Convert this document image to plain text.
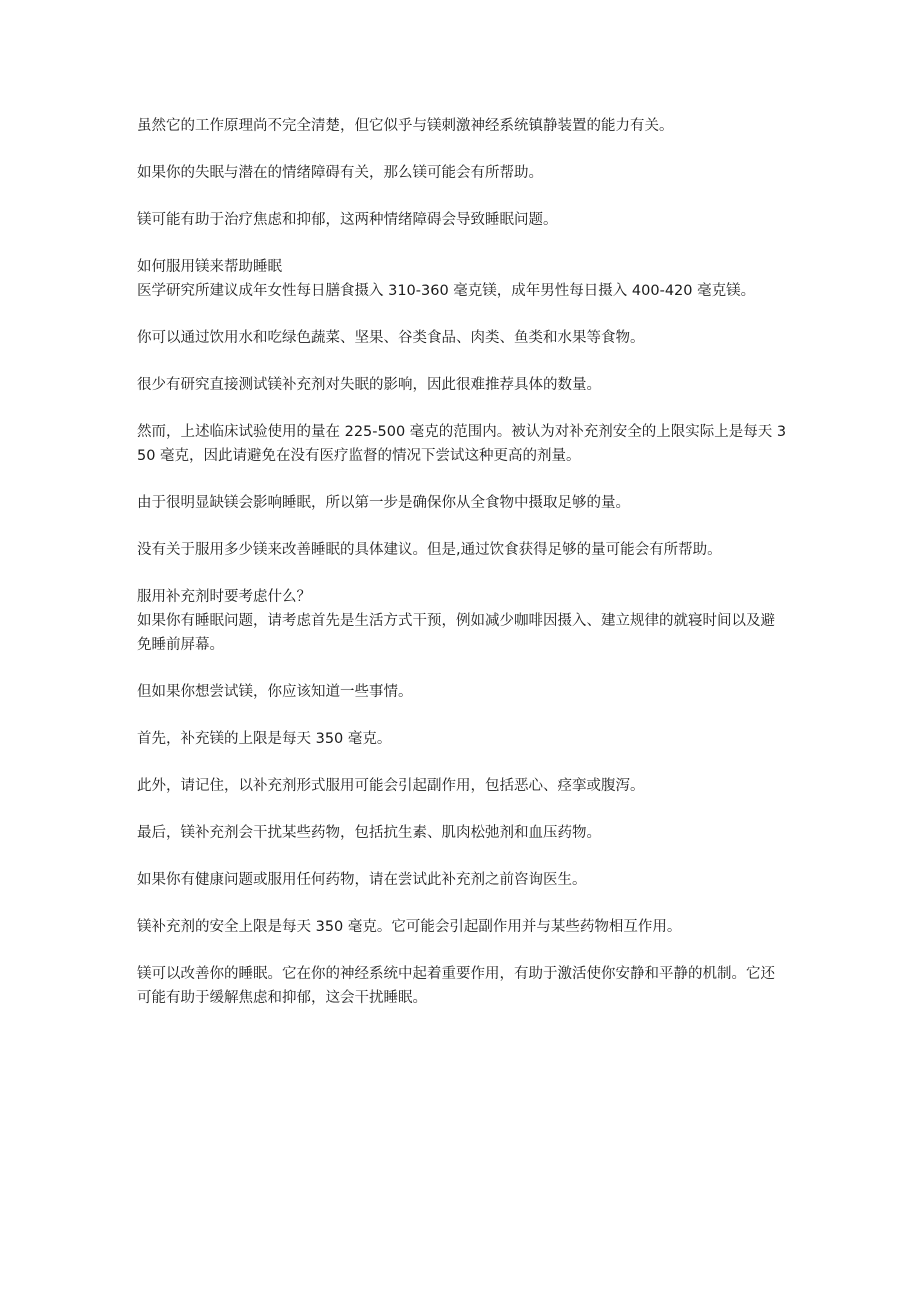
虽然它的工作原理尚不完全清楚，但它似乎与镁刺激神经系统镇静装置的能力有关。

如果你的失眠与潜在的情绪障碍有关，那么镁可能会有所帮助。

镁可能有助于治疗焦虑和抑郁，这两种情绪障碍会导致睡眠问题。

如何服用镁来帮助睡眠

医学研究所建议成年女性每日膳食摄入 310-360 毫克镁，成年男性每日摄入 400-420 毫克镁。

你可以通过饮用水和吃绿色蔬菜、坚果、谷类食品、肉类、鱼类和水果等食物。

很少有研究直接测试镁补充剂对失眠的影响，因此很难推荐具体的数量。

然而，上述临床试验使用的量在 225-500 毫克的范围内。被认为对补充剂安全的上限实际上是每天 350 毫克，因此请避免在没有医疗监督的情况下尝试这种更高的剂量。

由于很明显缺镁会影响睡眠，所以第一步是确保你从全食物中摄取足够的量。

没有关于服用多少镁来改善睡眠的具体建议。但是,通过饮食获得足够的量可能会有所帮助。

服用补充剂时要考虑什么？

如果你有睡眠问题，请考虑首先是生活方式干预，例如减少咖啡因摄入、建立规律的就寝时间以及避免睡前屏幕。

但如果你想尝试镁，你应该知道一些事情。

首先，补充镁的上限是每天 350 毫克。

此外，请记住，以补充剂形式服用可能会引起副作用，包括恶心、痉挛或腹泻。

最后，镁补充剂会干扰某些药物，包括抗生素、肌肉松弛剂和血压药物。

如果你有健康问题或服用任何药物，请在尝试此补充剂之前咨询医生。

镁补充剂的安全上限是每天 350 毫克。它可能会引起副作用并与某些药物相互作用。

镁可以改善你的睡眠。它在你的神经系统中起着重要作用，有助于激活使你安静和平静的机制。它还可能有助于缓解焦虑和抑郁，这会干扰睡眠。
